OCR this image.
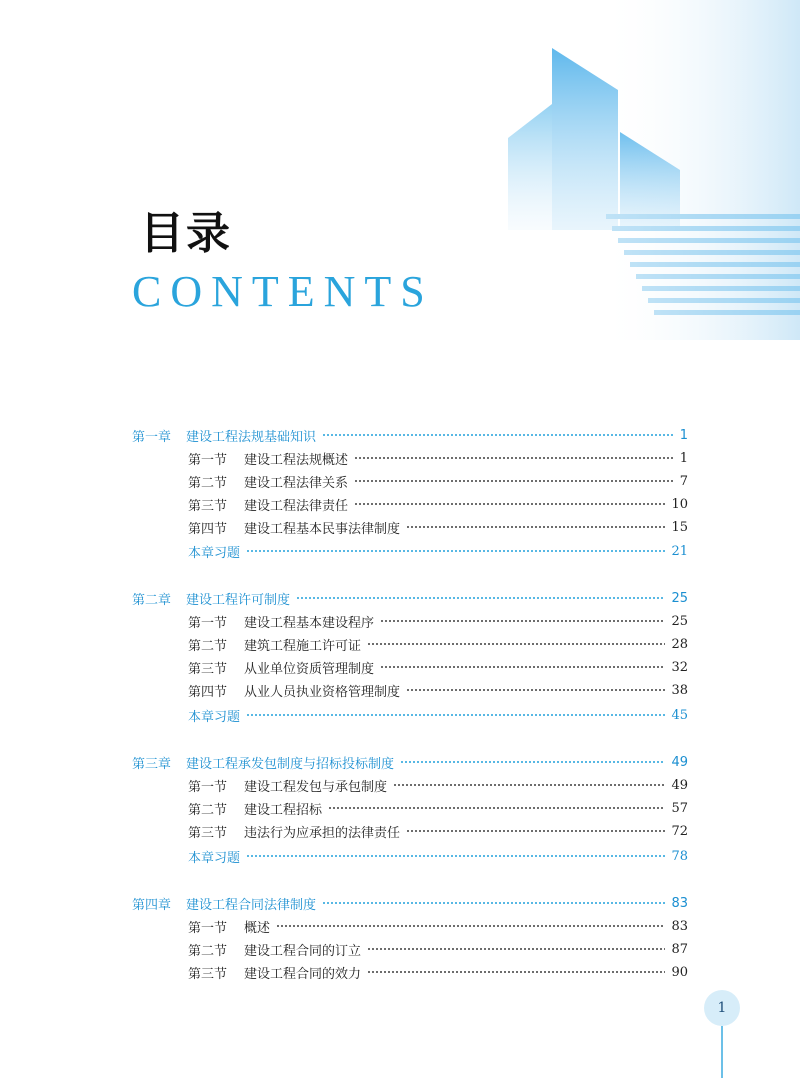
目录
CONTENTS
第一章	建设工程法规基础知识	1
第一节	建设工程法规概述	1
第二节	建设工程法律关系	7
第三节	建设工程法律责任	10
第四节	建设工程基本民事法律制度	15
本章习题	21
第二章	建设工程许可制度	25
第一节	建设工程基本建设程序	25
第二节	建筑工程施工许可证	28
第三节	从业单位资质管理制度	32
第四节	从业人员执业资格管理制度	38
本章习题	45
第三章	建设工程承发包制度与招标投标制度	49
第一节	建设工程发包与承包制度	49
第二节	建设工程招标	57
第三节	违法行为应承担的法律责任	72
本章习题	78
第四章	建设工程合同法律制度	83
第一节	概述	83
第二节	建设工程合同的订立	87
第三节	建设工程合同的效力	90
1
